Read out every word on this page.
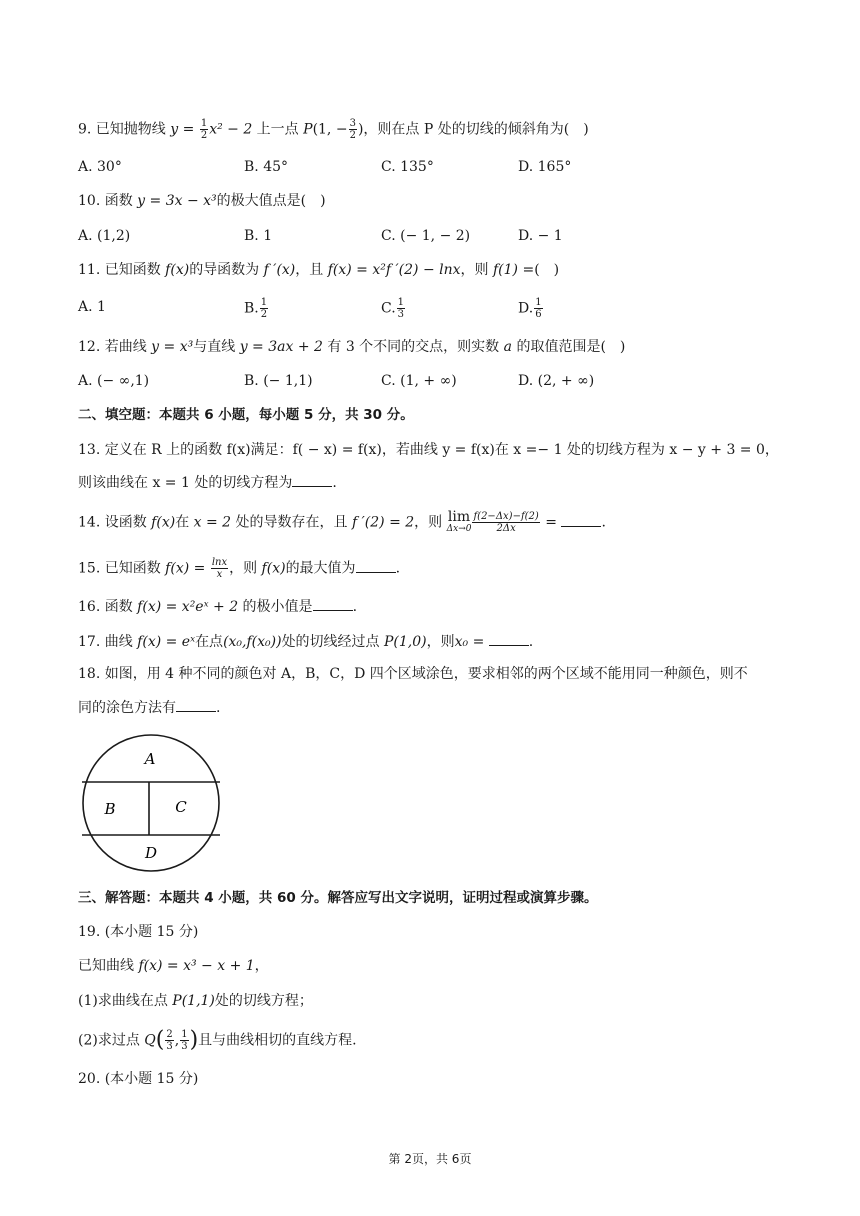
9. 已知抛物线 $y = \frac{1}{2} x^2 - 2$ 上一点 P(1, − $\frac{3}{2}$ )，则在点 P 处的切线的倾斜角为(　)
A. 30°	B. 45°	C. 135°	D. 165°
10. 函数 y = 3x − x³的极大值点是(　)
A. (1,2)	B. 1	C. (− 1, − 2)	D. − 1
11. 已知函数 f(x)的导函数为 f ′(x)，且 f(x) = x²f ′(2) − lnx，则 f(1) =(　)
A. 1	B. $\frac{1}{2}$	C. $\frac{1}{3}$	D. $\frac{1}{6}$
12. 若曲线 y = x³与直线 y = 3ax + 2 有 3 个不同的交点，则实数 a 的取值范围是(　)
A. (− ∞,1)	B. (− 1,1)	C. (1, + ∞)	D. (2, + ∞)
二、填空题：本题共 6 小题，每小题 5 分，共 30 分。
13. 定义在 R 上的函数 f(x)满足：f( − x) = f(x)，若曲线 y = f(x)在 x =− 1 处的切线方程为 x − y + 3 = 0，
则该曲线在 x = 1 处的切线方程为	.
14. 设函数 f(x)在 x = 2 处的导数存在，且 f ′(2) = 2，则 lim
$\Delta x\to 0 \frac{f(2-\Delta x)-f(2)}{2\Delta x}$ =	.
15. 已知函数 $f(x) = \frac{\ln x}{x}$ ，则 f(x)的最大值为	.
16. 函数 f(x) = x²eˣ + 2 的极小值是	.
17. 曲线 f(x) = eˣ在点(x₀,f(x₀))处的切线经过点 P(1,0)，则x₀ =	.
18. 如图，用 4 种不同的颜色对 A，B，C，D 四个区域涂色，要求相邻的两个区域不能用同一种颜色，则不
同的涂色方法有	.
A
B	C
D
三、解答题：本题共 4 小题，共 60 分。解答应写出文字说明，证明过程或演算步骤。
19. (本小题 15 分)
已知曲线 f(x) = x³ − x + 1，
(1)求曲线在点 P(1,1)处的切线方程；
(2)求过点 $Q( \frac{2}{3}$ , $\frac{1}{3}$ )且与曲线相切的直线方程.
20. (本小题 15 分)
第 2页，共 6页
